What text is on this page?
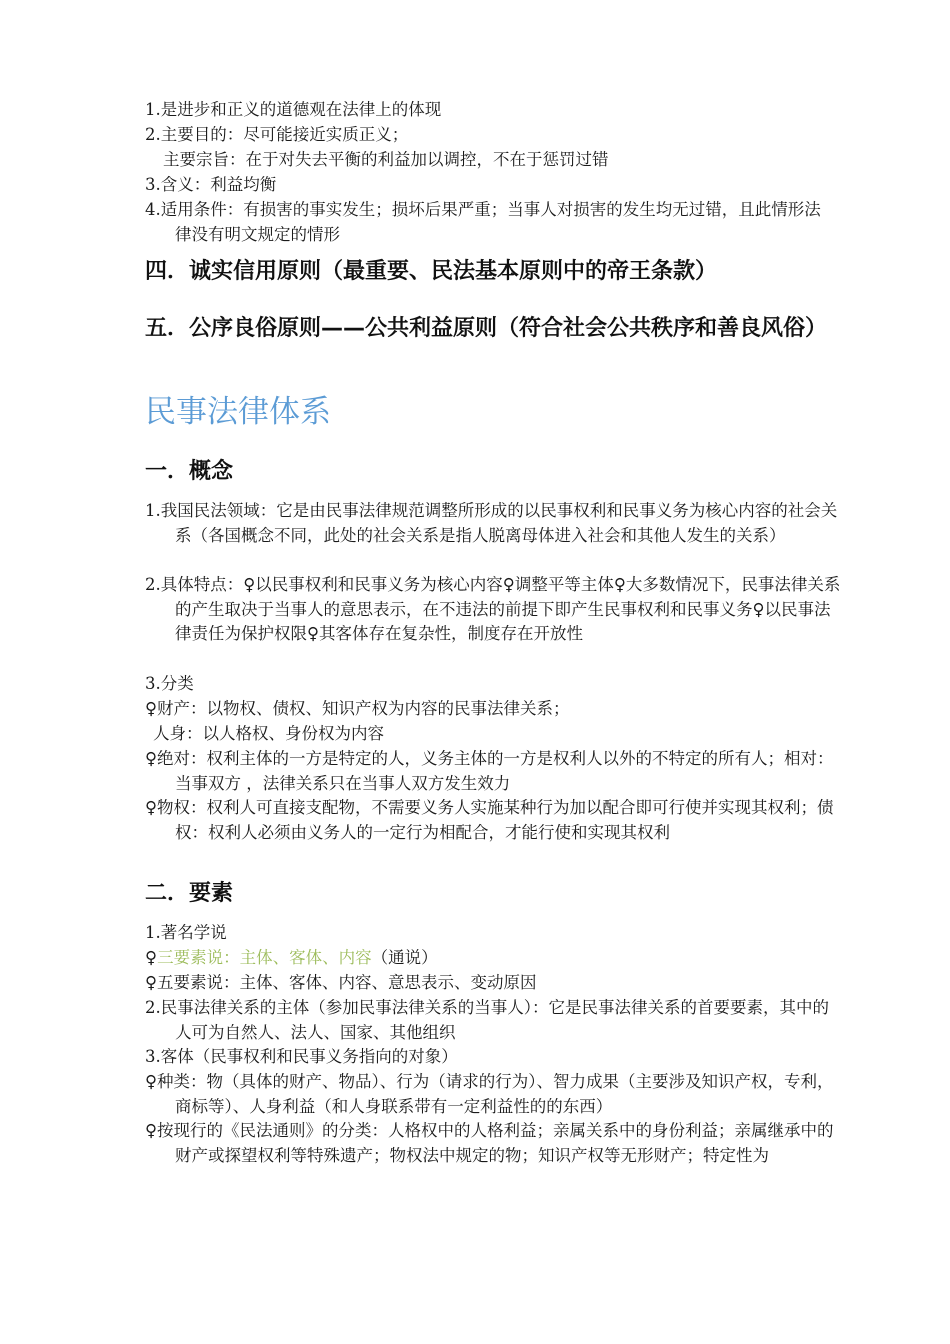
1.是进步和正义的道德观在法律上的体现
2.主要目的：尽可能接近实质正义；
主要宗旨：在于对失去平衡的利益加以调控，不在于惩罚过错
3.含义：利益均衡
4.适用条件：有损害的事实发生；损坏后果严重；当事人对损害的发生均无过错，且此情形法律没有明文规定的情形
四．诚实信用原则（最重要、民法基本原则中的帝王条款）
五．公序良俗原则——公共利益原则（符合社会公共秩序和善良风俗）
民事法律体系
一．概念
1.我国民法领域：它是由民事法律规范调整所形成的以民事权利和民事义务为核心内容的社会关系（各国概念不同，此处的社会关系是指人脱离母体进入社会和其他人发生的关系）
2.具体特点：♀以民事权利和民事义务为核心内容♀调整平等主体♀大多数情况下，民事法律关系的产生取决于当事人的意思表示，在不违法的前提下即产生民事权利和民事义务♀以民事法律责任为保护权限♀其客体存在复杂性，制度存在开放性
3.分类
♀财产：以物权、债权、知识产权为内容的民事法律关系；
人身：以人格权、身份权为内容
♀绝对：权利主体的一方是特定的人，义务主体的一方是权利人以外的不特定的所有人；相对：当事双方 ，法律关系只在当事人双方发生效力
♀物权：权利人可直接支配物，不需要义务人实施某种行为加以配合即可行使并实现其权利；债权：权利人必须由义务人的一定行为相配合，才能行使和实现其权利
二．要素
1.著名学说
♀三要素说：主体、客体、内容（通说）
♀五要素说：主体、客体、内容、意思表示、变动原因
2.民事法律关系的主体（参加民事法律关系的当事人）：它是民事法律关系的首要要素，其中的人可为自然人、法人、国家、其他组织
3.客体（民事权利和民事义务指向的对象）
♀种类：物（具体的财产、物品）、行为（请求的行为）、智力成果（主要涉及知识产权，专利，商标等）、人身利益（和人身联系带有一定利益性的的东西）
♀按现行的《民法通则》的分类：人格权中的人格利益；亲属关系中的身份利益；亲属继承中的财产或探望权利等特殊遗产；物权法中规定的物；知识产权等无形财产；特定性为
